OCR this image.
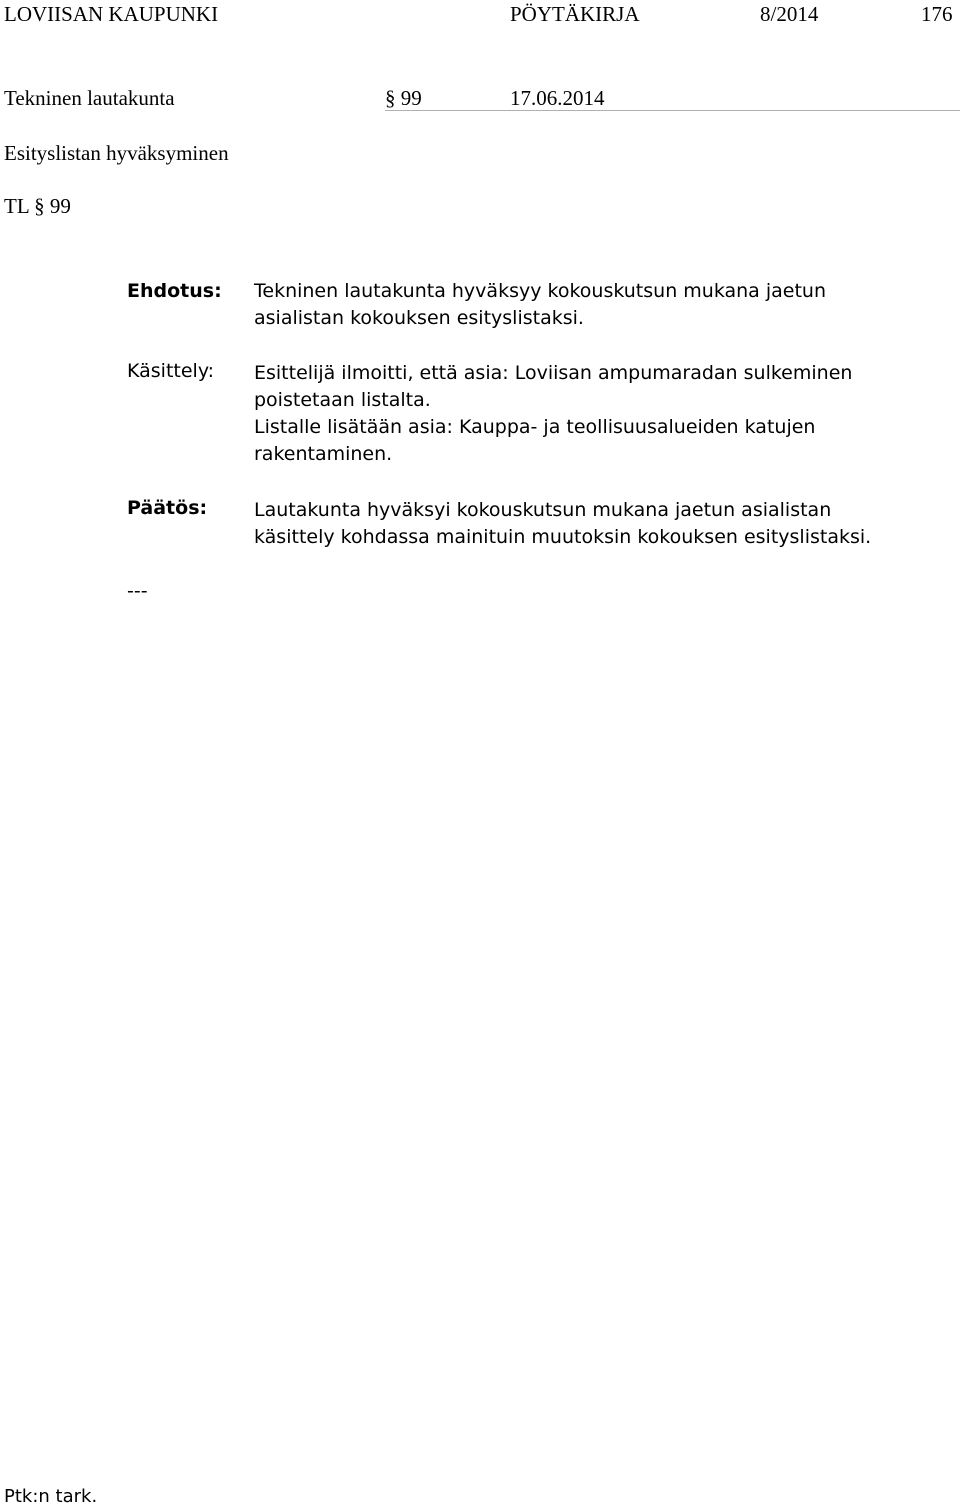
LOVIISAN KAUPUNKI	PÖYTÄKIRJA	8/2014	176
Tekninen lautakunta	§ 99	17.06.2014
Esityslistan hyväksyminen
TL § 99
Ehdotus: Tekninen lautakunta hyväksyy kokouskutsun mukana jaetun
asialistan kokouksen esityslistaksi.
Käsittely: Esittelijä ilmoitti, että asia: Loviisan ampumaradan sulkeminen
poistetaan listalta.
Listalle lisätään asia: Kauppa- ja teollisuusalueiden katujen
rakentaminen.
Päätös: Lautakunta hyväksyi kokouskutsun mukana jaetun asialistan
käsittely kohdassa mainituin muutoksin kokouksen esityslistaksi.
---
Ptk:n tark.
